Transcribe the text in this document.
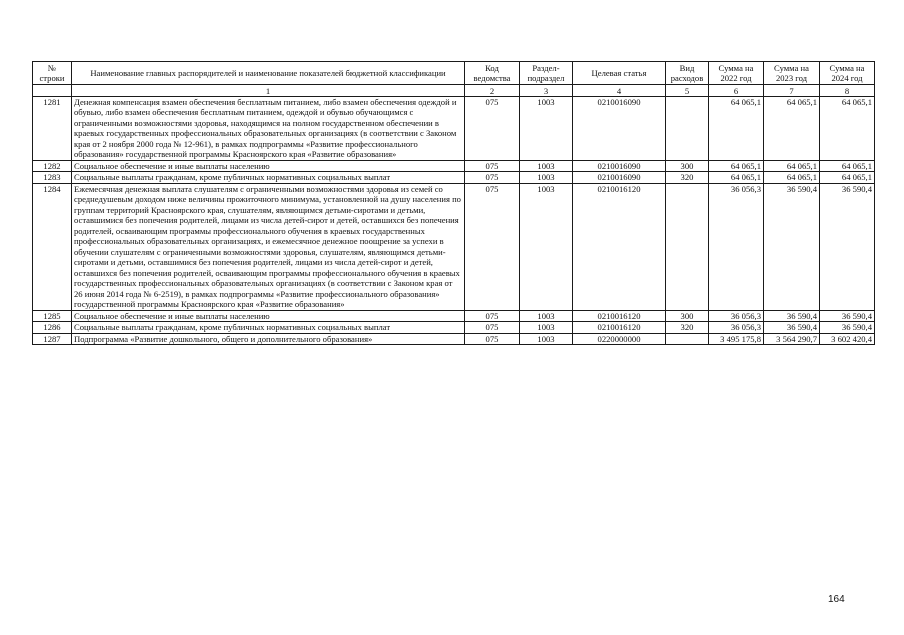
№ строки	Наименование главных распорядителей и наименование показателей бюджетной классификации	Код ведомства	Раздел-подраздел	Целевая статья	Вид расходов	Сумма на 2022 год	Сумма на 2023 год	Сумма на 2024 год
	1	2	3	4	5	6	7	8
1281	Денежная компенсация взамен обеспечения бесплатным питанием, либо взамен обеспечения одеждой и обувью, либо взамен обеспечения бесплатным питанием, одеждой и обувью обучающимся с ограниченными возможностями здоровья, находящимся на полном государственном обеспечении в краевых государственных профессиональных образовательных организациях (в соответствии с Законом края от 2 ноября 2000 года № 12-961), в рамках подпрограммы «Развитие профессионального образования» государственной программы Красноярского края «Развитие образования»	075	1003	0210016090		64 065,1	64 065,1	64 065,1
1282	Социальное обеспечение и иные выплаты населению	075	1003	0210016090	300	64 065,1	64 065,1	64 065,1
1283	Социальные выплаты гражданам, кроме публичных нормативных социальных выплат	075	1003	0210016090	320	64 065,1	64 065,1	64 065,1
1284	Ежемесячная денежная выплата слушателям с ограниченными возможностями здоровья из семей со среднедушевым доходом ниже величины прожиточного минимума, установленной на душу населения по группам территорий Красноярского края, слушателям, являющимся детьми-сиротами и детьми, оставшимися без попечения родителей, лицами из числа детей-сирот и детей, оставшихся без попечения родителей, осваивающим программы профессионального обучения в краевых государственных профессиональных образовательных организациях, и ежемесячное денежное поощрение за успехи в обучении слушателям с ограниченными возможностями здоровья, слушателям, являющимся детьми-сиротами и детьми, оставшимися без попечения родителей, лицами из числа детей-сирот и детей, оставшихся без попечения родителей, осваивающим программы профессионального обучения в краевых государственных профессиональных образовательных организациях (в соответствии с Законом края от 26 июня 2014 года № 6-2519), в рамках подпрограммы «Развитие профессионального образования» государственной программы Красноярского края «Развитие образования»	075	1003	0210016120		36 056,3	36 590,4	36 590,4
1285	Социальное обеспечение и иные выплаты населению	075	1003	0210016120	300	36 056,3	36 590,4	36 590,4
1286	Социальные выплаты гражданам, кроме публичных нормативных социальных выплат	075	1003	0210016120	320	36 056,3	36 590,4	36 590,4
1287	Подпрограмма «Развитие дошкольного, общего и дополнительного образования»	075	1003	0220000000		3 495 175,8	3 564 290,7	3 602 420,4
164
